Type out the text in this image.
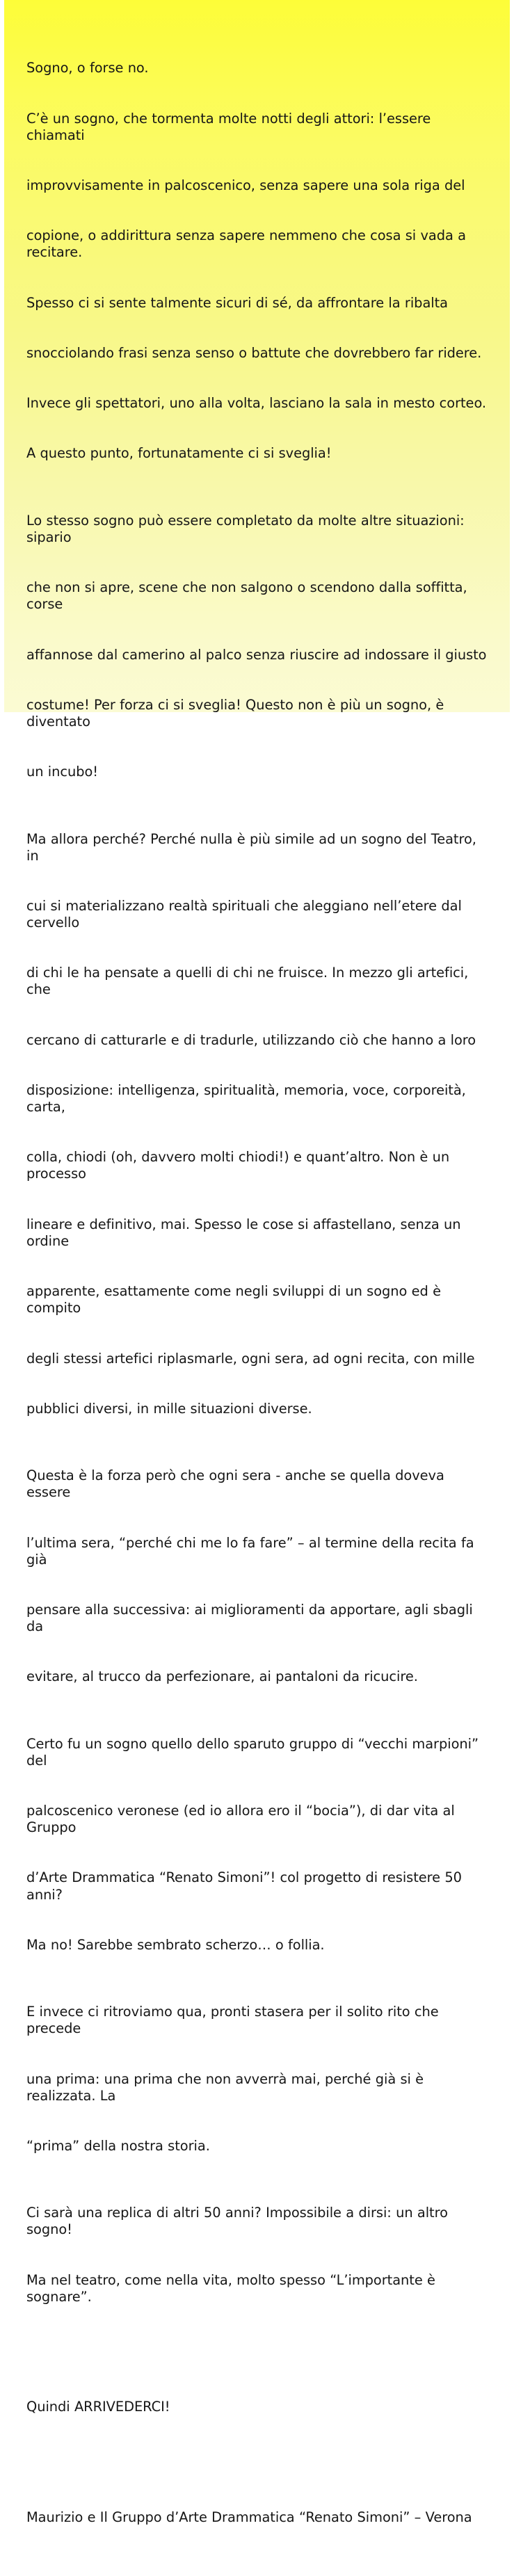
Sogno, o forse no.

C’è un sogno, che tormenta molte notti degli attori: l’essere chiamati

improvvisamente in palcoscenico, senza sapere una sola riga del

copione, o addirittura senza sapere nemmeno che cosa si vada a recitare.

Spesso ci si sente talmente sicuri di sé, da affrontare la ribalta

snocciolando frasi senza senso o battute che dovrebbero far ridere.

Invece gli spettatori, uno alla volta, lasciano la sala in mesto corteo.

A questo punto, fortunatamente ci si sveglia!

Lo stesso sogno può essere completato da molte altre situazioni: sipario

che non si apre, scene che non salgono o scendono dalla soffitta, corse

affannose dal camerino al palco senza riuscire ad indossare il giusto

costume! Per forza ci si sveglia! Questo non è più un sogno, è diventato

un incubo!

Ma allora perché? Perché nulla è più simile ad un sogno del Teatro, in

cui si materializzano realtà spirituali che aleggiano nell’etere dal cervello

di chi le ha pensate a quelli di chi ne fruisce. In mezzo gli artefici, che

cercano di catturarle e di tradurle, utilizzando ciò che hanno a loro

disposizione: intelligenza, spiritualità, memoria, voce, corporeità, carta,

colla, chiodi (oh, davvero molti chiodi!) e quant’altro. Non è un processo

lineare e definitivo, mai. Spesso le cose si affastellano, senza un ordine

apparente, esattamente come negli sviluppi di un sogno ed è compito

degli stessi artefici riplasmarle, ogni sera, ad ogni recita, con mille

pubblici diversi, in mille situazioni diverse.

Questa è la forza però che ogni sera - anche se quella doveva essere

l’ultima sera, “perché chi me lo fa fare” – al termine della recita fa già

pensare alla successiva: ai miglioramenti da apportare, agli sbagli da

evitare, al trucco da perfezionare, ai pantaloni da ricucire.

Certo fu un sogno quello dello sparuto gruppo di “vecchi marpioni” del

palcoscenico veronese (ed io allora ero il “bocia”), di dar vita al Gruppo

d’Arte Drammatica “Renato Simoni”! col progetto di resistere 50 anni?

Ma no! Sarebbe sembrato scherzo… o follia.

E invece ci ritroviamo qua, pronti stasera per il solito rito che precede

una prima: una prima che non avverrà mai, perché già si è realizzata. La

“prima” della nostra storia.

Ci sarà una replica di altri 50 anni? Impossibile a dirsi: un altro sogno!

Ma nel teatro, come nella vita, molto spesso “L’importante è sognare”.

Quindi ARRIVEDERCI!

Maurizio e Il Gruppo d’Arte Drammatica “Renato Simoni” – Verona
